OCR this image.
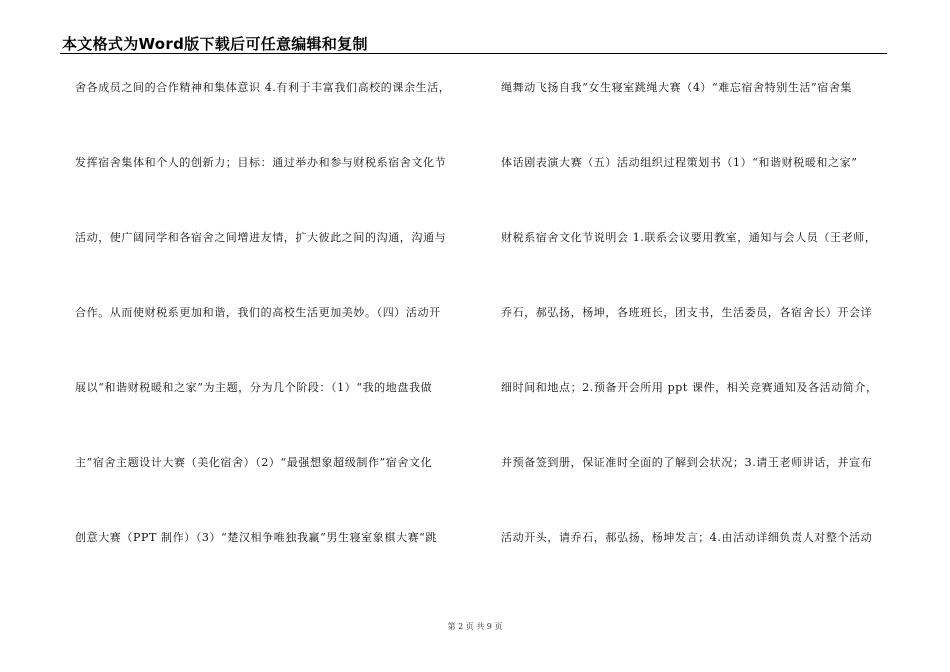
本文格式为Word版下载后可任意编辑和复制
舍各成员之间的合作精神和集体意识 4.有利于丰富我们高校的课余生活，
发挥宿舍集体和个人的创新力；目标：通过举办和参与财税系宿舍文化节
活动，使广阔同学和各宿舍之间增进友情，扩大彼此之间的沟通，沟通与
合作。从而使财税系更加和谐，我们的高校生活更加美妙。（四）活动开
展以“和谐财税暖和之家”为主题，分为几个阶段：（1）“我的地盘我做
主”宿舍主题设计大赛（美化宿舍）（2）“最强想象超级制作”宿舍文化
创意大赛（PPT 制作）（3）“楚汉相争唯独我赢”男生寝室象棋大赛“跳
绳舞动飞扬自我”女生寝室跳绳大赛（4）“难忘宿舍特别生活”宿舍集
体话剧表演大赛（五）活动组织过程策划书（1）“和谐财税暖和之家”
财税系宿舍文化节说明会 1.联系会议要用教室，通知与会人员（王老师，
乔石，郝弘扬，杨坤，各班班长，团支书，生活委员，各宿舍长）开会详
细时间和地点；2.预备开会所用 ppt 课件，相关竞赛通知及各活动简介，
并预备签到册，保证准时全面的了解到会状况；3.请王老师讲话，并宣布
活动开头，请乔石，郝弘扬，杨坤发言；4.由活动详细负责人对整个活动
第 2 页 共 9 页
